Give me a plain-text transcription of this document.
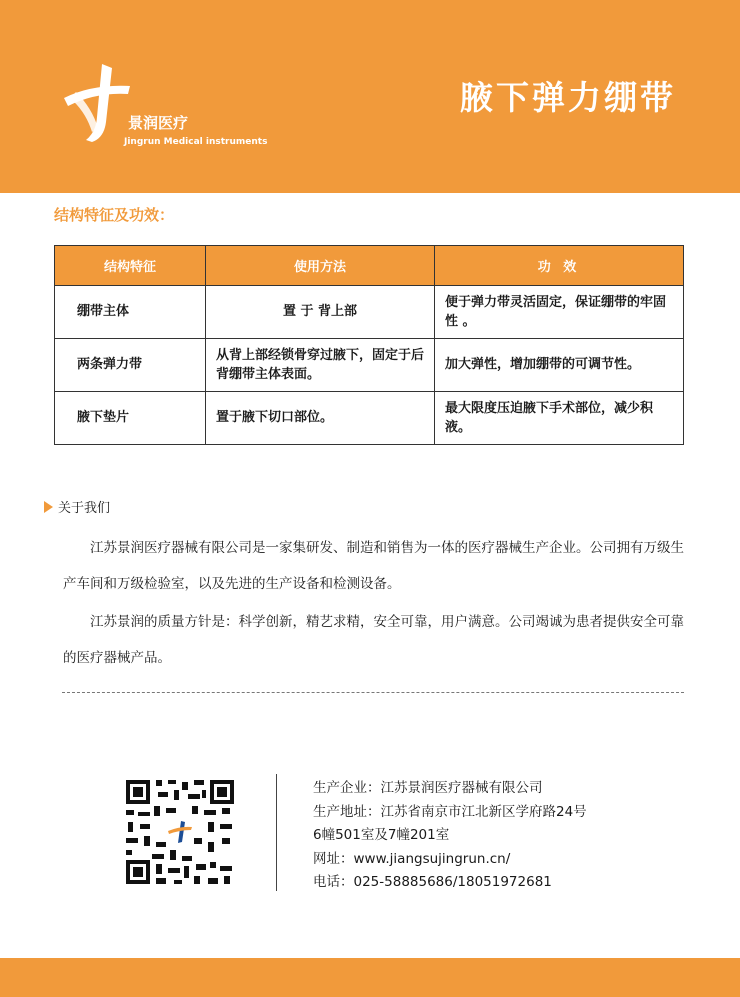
景润医疗
Jingrun Medical instruments
腋下弹力绷带
结构特征及功效：
结构特征	使用方法	功 效
绷带主体	置 于 背上部	便于弹力带灵活固定，保证绷带的牢固性 。
两条弹力带	从背上部经锁骨穿过腋下，固定于后背绷带主体表面。	加大弹性，增加绷带的可调节性。
腋下垫片	置于腋下切口部位。	最大限度压迫腋下手术部位，减少积液。
关于我们
江苏景润医疗器械有限公司是一家集研发、制造和销售为一体的医疗器械生产企业。公司拥有万级生产车间和万级检验室，以及先进的生产设备和检测设备。
江苏景润的质量方针是：科学创新，精艺求精，安全可靠，用户满意。公司竭诚为患者提供安全可靠的医疗器械产品。
生产企业：江苏景润医疗器械有限公司
生产地址：江苏省南京市江北新区学府路24号
6幢501室及7幢201室
网址：www.jiangsujingrun.cn/
电话：025-58885686/18051972681
